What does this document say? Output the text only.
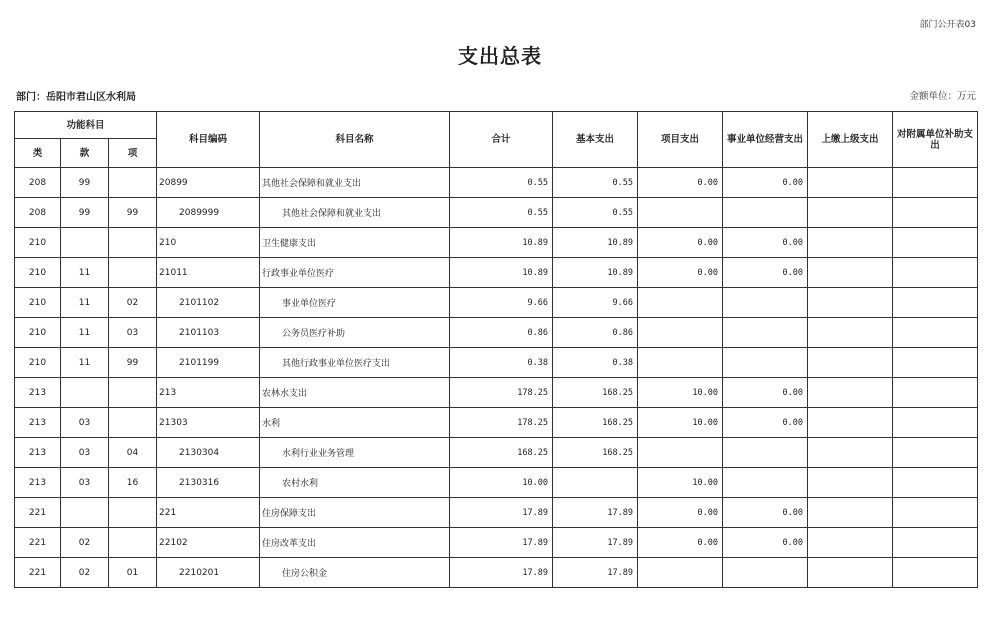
部门公开表03
支出总表
部门：岳阳市君山区水利局	金额单位：万元
功能科目			科目编码	科目名称	合计	基本支出	项目支出	事业单位经营支出	上缴上级支出	对附属单位补助支出
类	款	项								
208	99		20899	其他社会保障和就业支出	0.55	0.55	0.00	0.00		
208	99	99	2089999	其他社会保障和就业支出	0.55	0.55				
210			210	卫生健康支出	10.89	10.89	0.00	0.00		
210	11		21011	行政事业单位医疗	10.89	10.89	0.00	0.00		
210	11	02	2101102	事业单位医疗	9.66	9.66				
210	11	03	2101103	公务员医疗补助	0.86	0.86				
210	11	99	2101199	其他行政事业单位医疗支出	0.38	0.38				
213			213	农林水支出	178.25	168.25	10.00	0.00		
213	03		21303	水利	178.25	168.25	10.00	0.00		
213	03	04	2130304	水利行业业务管理	168.25	168.25				
213	03	16	2130316	农村水利	10.00		10.00			
221			221	住房保障支出	17.89	17.89	0.00	0.00		
221	02		22102	住房改革支出	17.89	17.89	0.00	0.00		
221	02	01	2210201	住房公积金	17.89	17.89				
